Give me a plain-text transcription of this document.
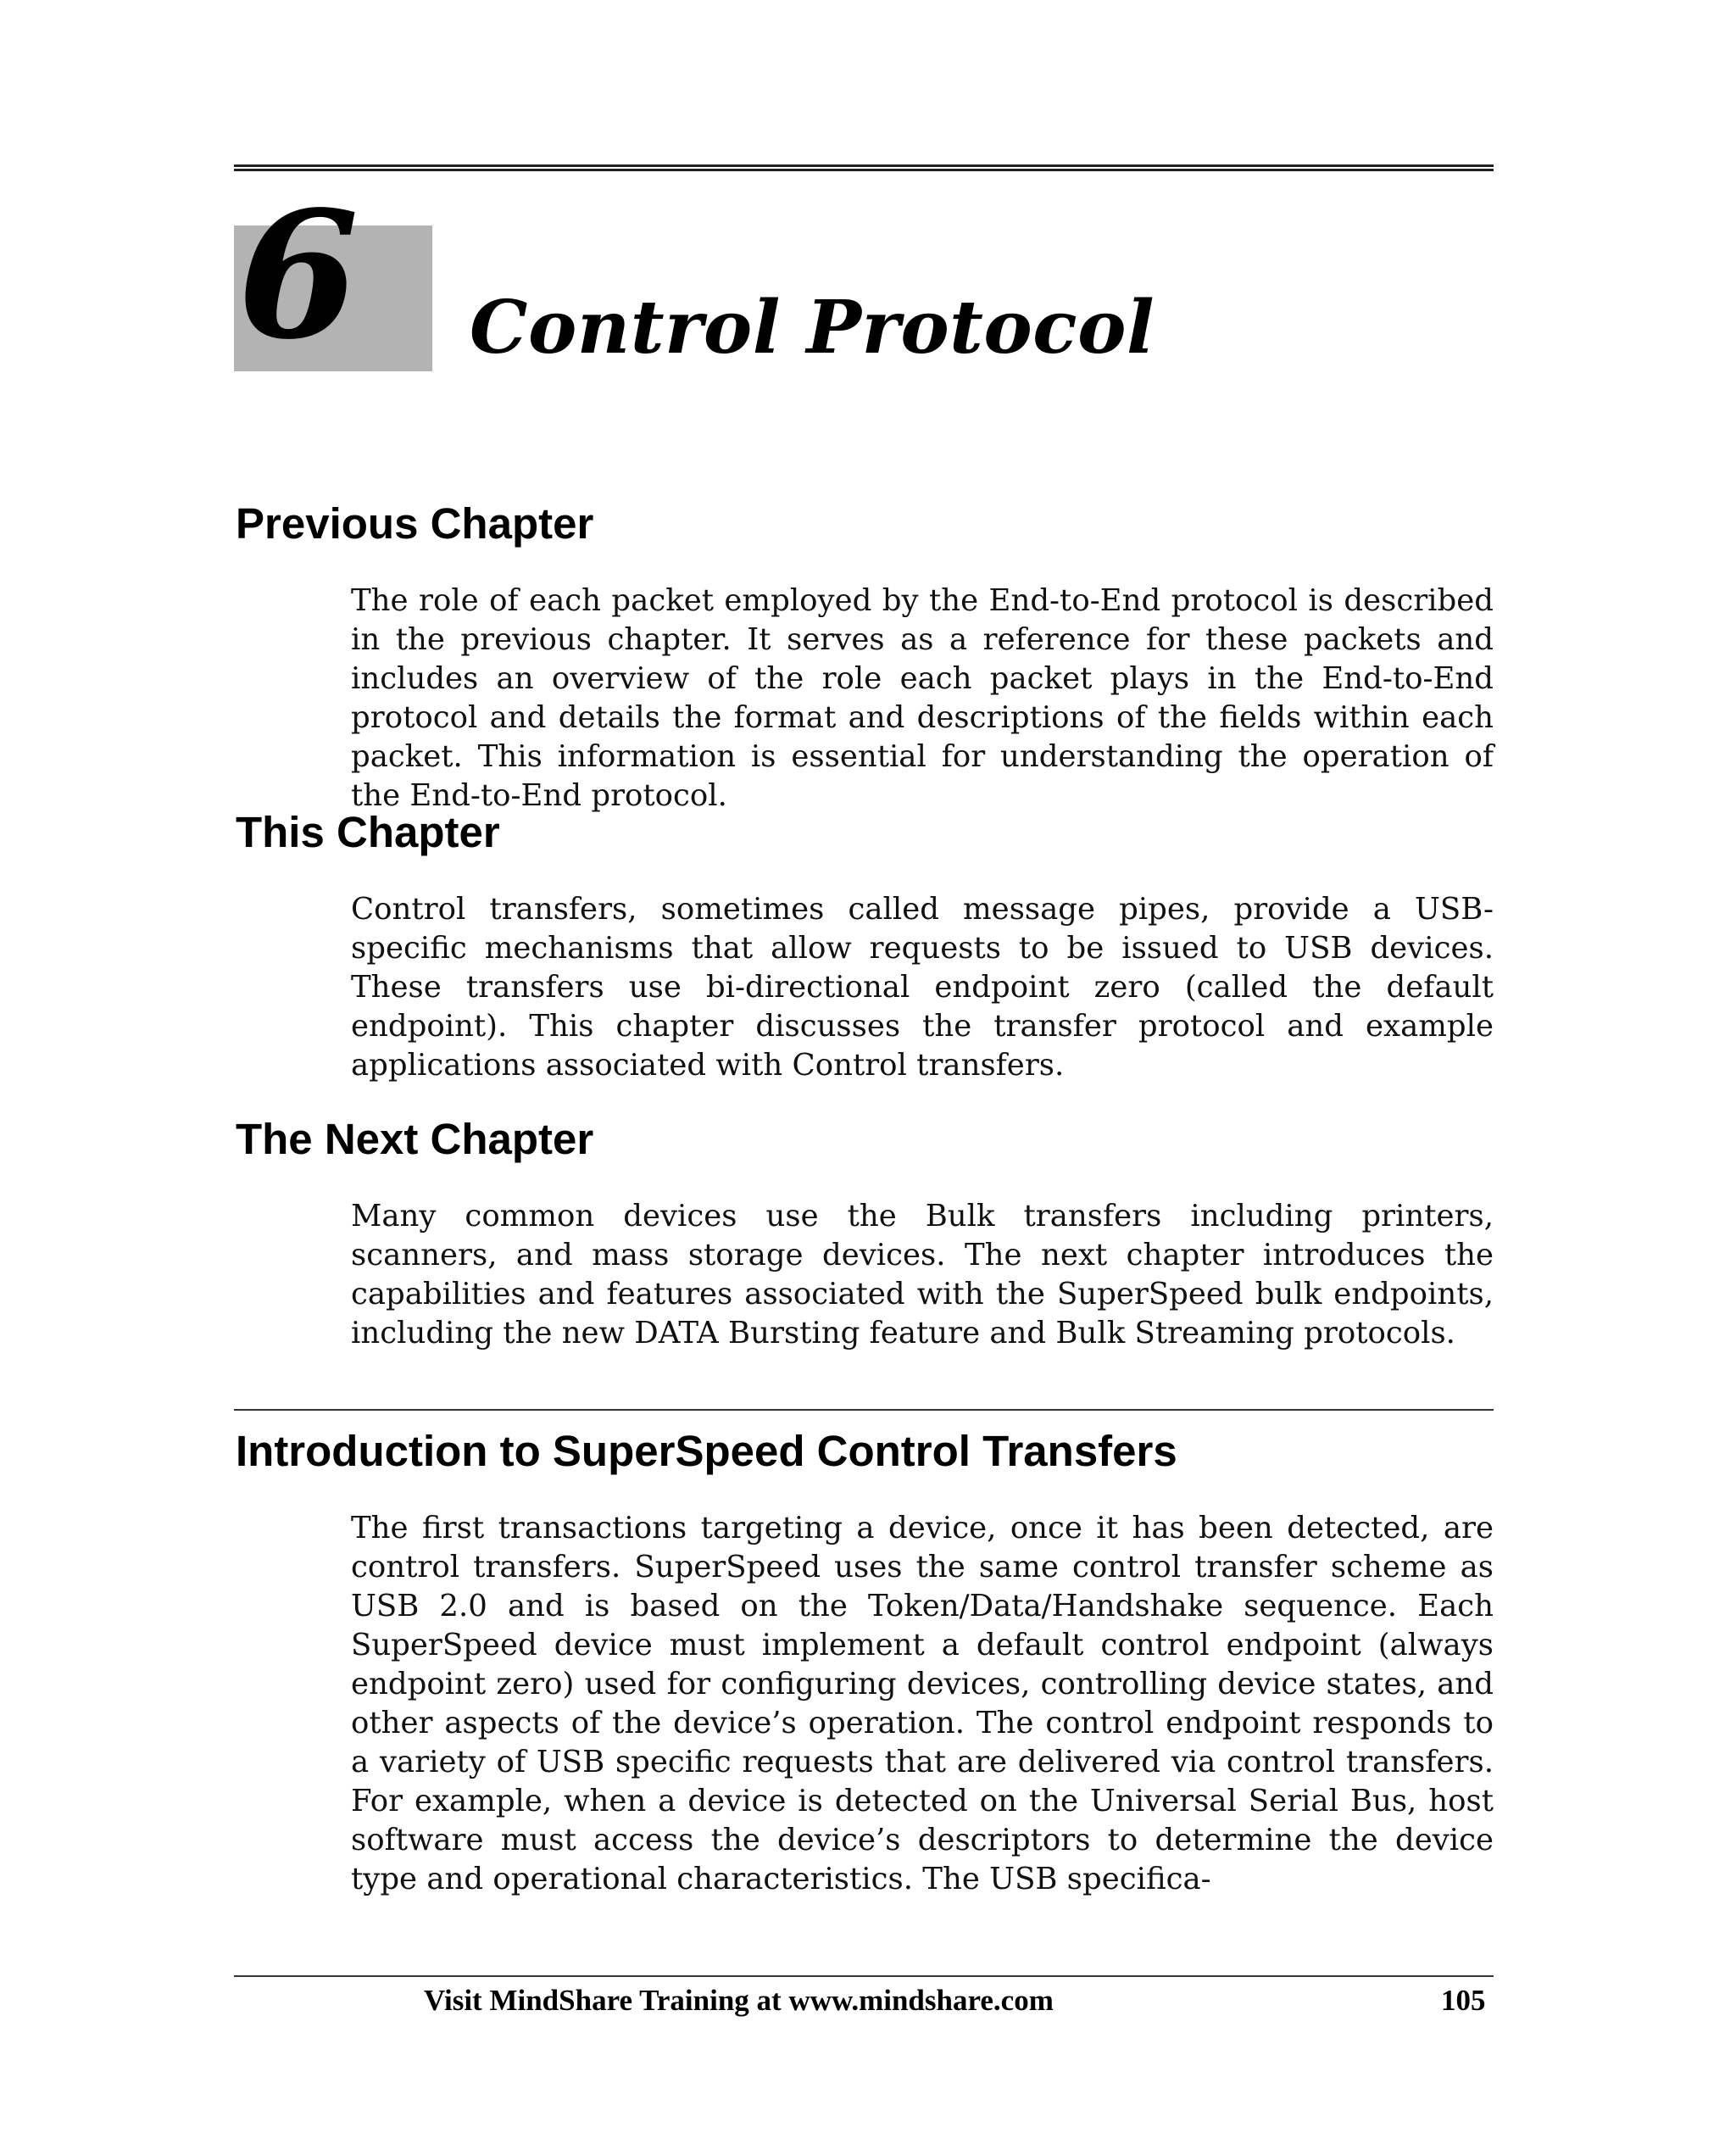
6 Control Protocol
Previous Chapter

The role of each packet employed by the End-to-End protocol is described in the previous chapter. It serves as a reference for these packets and includes an overview of the role each packet plays in the End-to-End protocol and details the format and descriptions of the fields within each packet. This information is essential for understanding the operation of the End-to-End protocol.

This Chapter

Control transfers, sometimes called message pipes, provide a USB-specific mechanisms that allow requests to be issued to USB devices. These transfers use bi-directional endpoint zero (called the default endpoint). This chapter discusses the transfer protocol and example applications associated with Control transfers.

The Next Chapter

Many common devices use the Bulk transfers including printers, scanners, and mass storage devices. The next chapter introduces the capabilities and features associated with the SuperSpeed bulk endpoints, including the new DATA Bursting feature and Bulk Streaming protocols.

Introduction to SuperSpeed Control Transfers

The first transactions targeting a device, once it has been detected, are control transfers. SuperSpeed uses the same control transfer scheme as USB 2.0 and is based on the Token/Data/Handshake sequence. Each SuperSpeed device must implement a default control endpoint (always endpoint zero) used for configuring devices, controlling device states, and other aspects of the device’s operation. The control endpoint responds to a variety of USB specific requests that are delivered via control transfers. For example, when a device is detected on the Universal Serial Bus, host software must access the device’s descriptors to determine the device type and operational characteristics. The USB specifica-

Visit MindShare Training at www.mindshare.com	105
